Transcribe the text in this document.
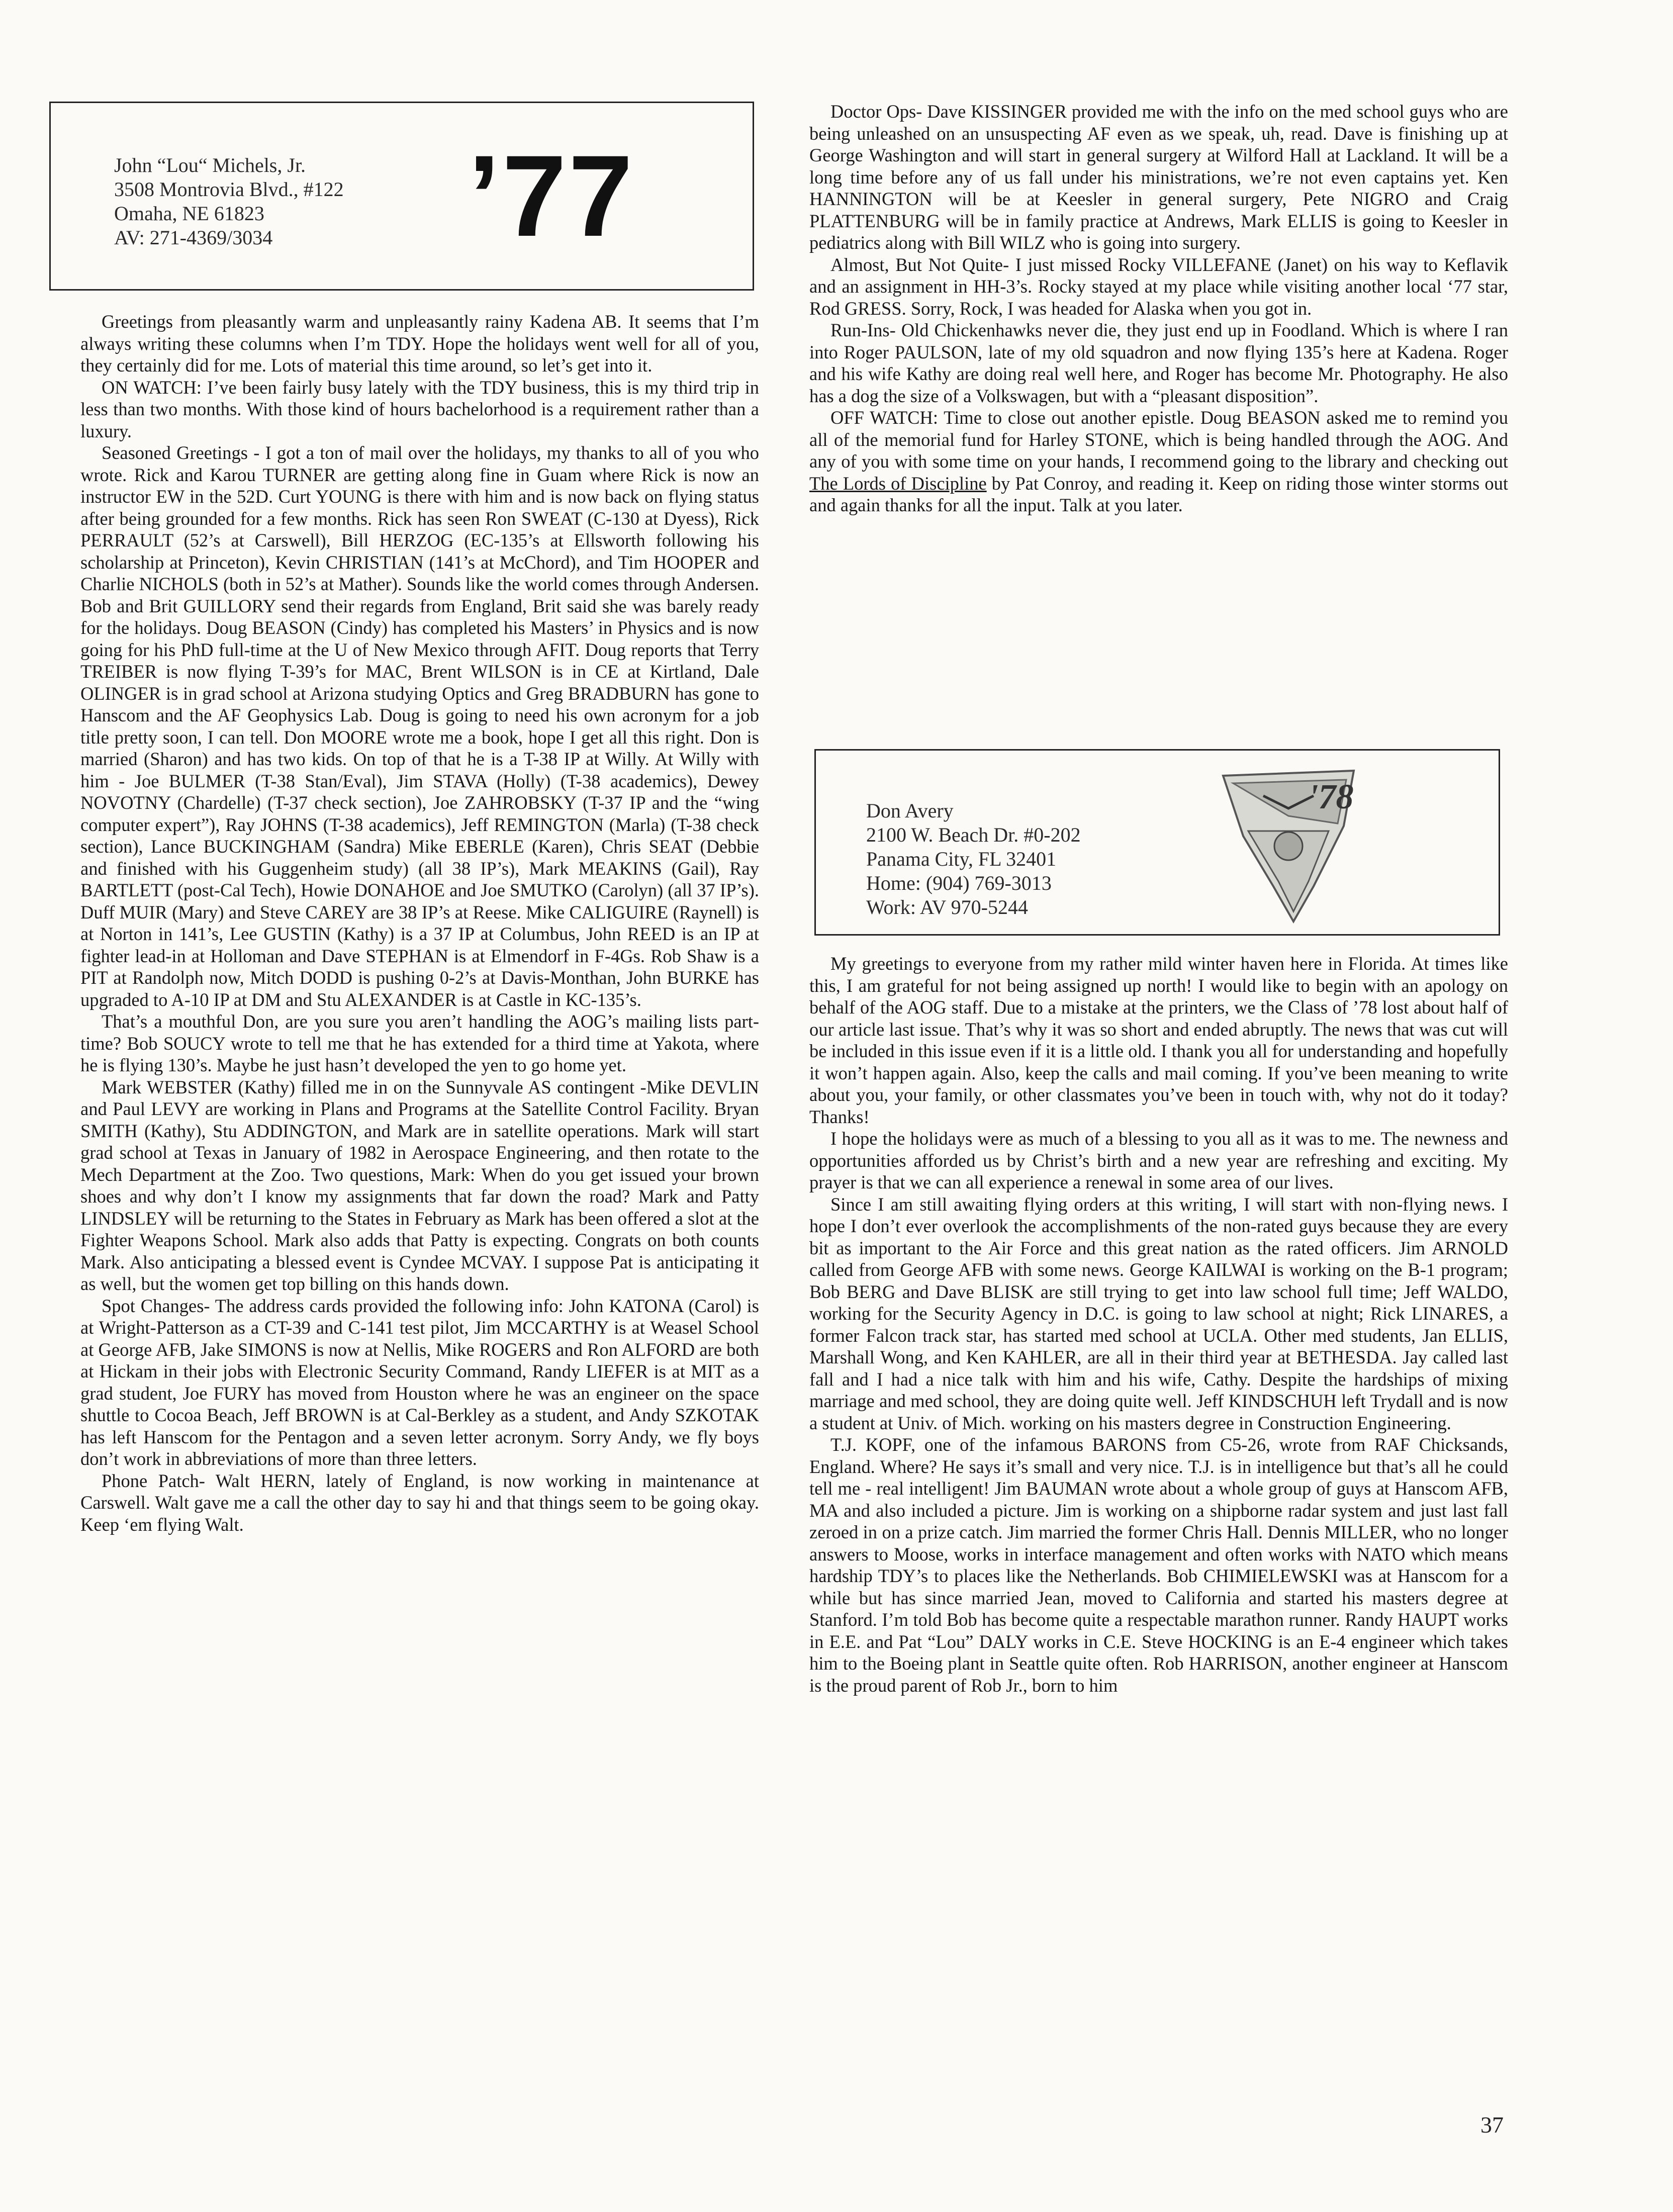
John “Lou“ Michels, Jr.
3508 Montrovia Blvd., #122
Omaha, NE 61823
AV: 271-4369/3034	’77

Greetings from pleasantly warm and unpleasantly rainy Kadena AB. It seems that I’m always writing these columns when I’m TDY. Hope the holidays went well for all of you, they certainly did for me. Lots of material this time around, so let’s get into it.

ON WATCH: I’ve been fairly busy lately with the TDY business, this is my third trip in less than two months. With those kind of hours bachelorhood is a requirement rather than a luxury.

Seasoned Greetings - I got a ton of mail over the holidays, my thanks to all of you who wrote. Rick and Karou TURNER are getting along fine in Guam where Rick is now an instructor EW in the 52D. Curt YOUNG is there with him and is now back on flying status after being grounded for a few months. Rick has seen Ron SWEAT (C-130 at Dyess), Rick PERRAULT (52’s at Carswell), Bill HERZOG (EC-135’s at Ellsworth following his scholarship at Princeton), Kevin CHRISTIAN (141’s at McChord), and Tim HOOPER and Charlie NICHOLS (both in 52’s at Mather). Sounds like the world comes through Andersen. Bob and Brit GUILLORY send their regards from England, Brit said she was barely ready for the holidays. Doug BEASON (Cindy) has completed his Masters’ in Physics and is now going for his PhD full-time at the U of New Mexico through AFIT. Doug reports that Terry TREIBER is now flying T-39’s for MAC, Brent WILSON is in CE at Kirtland, Dale OLINGER is in grad school at Arizona studying Optics and Greg BRADBURN has gone to Hanscom and the AF Geophysics Lab. Doug is going to need his own acronym for a job title pretty soon, I can tell. Don MOORE wrote me a book, hope I get all this right. Don is married (Sharon) and has two kids. On top of that he is a T-38 IP at Willy. At Willy with him - Joe BULMER (T-38 Stan/Eval), Jim STAVA (Holly) (T-38 academics), Dewey NOVOTNY (Chardelle) (T-37 check section), Joe ZAHROBSKY (T-37 IP and the “wing computer expert”), Ray JOHNS (T-38 academics), Jeff REMINGTON (Marla) (T-38 check section), Lance BUCKINGHAM (Sandra) Mike EBERLE (Karen), Chris SEAT (Debbie and finished with his Guggenheim study) (all 38 IP’s), Mark MEAKINS (Gail), Ray BARTLETT (post-Cal Tech), Howie DONAHOE and Joe SMUTKO (Carolyn) (all 37 IP’s). Duff MUIR (Mary) and Steve CAREY are 38 IP’s at Reese. Mike CALIGUIRE (Raynell) is at Norton in 141’s, Lee GUSTIN (Kathy) is a 37 IP at Columbus, John REED is an IP at fighter lead-in at Holloman and Dave STEPHAN is at Elmendorf in F-4Gs. Rob Shaw is a PIT at Randolph now, Mitch DODD is pushing 0-2’s at Davis-Monthan, John BURKE has upgraded to A-10 IP at DM and Stu ALEXANDER is at Castle in KC-135’s.

That’s a mouthful Don, are you sure you aren’t handling the AOG’s mailing lists part-time? Bob SOUCY wrote to tell me that he has extended for a third time at Yakota, where he is flying 130’s. Maybe he just hasn’t developed the yen to go home yet.

Mark WEBSTER (Kathy) filled me in on the Sunnyvale AS contingent -Mike DEVLIN and Paul LEVY are working in Plans and Programs at the Satellite Control Facility. Bryan SMITH (Kathy), Stu ADDINGTON, and Mark are in satellite operations. Mark will start grad school at Texas in January of 1982 in Aerospace Engineering, and then rotate to the Mech Department at the Zoo. Two questions, Mark: When do you get issued your brown shoes and why don’t I know my assignments that far down the road? Mark and Patty LINDSLEY will be returning to the States in February as Mark has been offered a slot at the Fighter Weapons School. Mark also adds that Patty is expecting. Congrats on both counts Mark. Also anticipating a blessed event is Cyndee MCVAY. I suppose Pat is anticipating it as well, but the women get top billing on this hands down.

Spot Changes- The address cards provided the following info: John KATONA (Carol) is at Wright-Patterson as a CT-39 and C-141 test pilot, Jim MCCARTHY is at Weasel School at George AFB, Jake SIMONS is now at Nellis, Mike ROGERS and Ron ALFORD are both at Hickam in their jobs with Electronic Security Command, Randy LIEFER is at MIT as a grad student, Joe FURY has moved from Houston where he was an engineer on the space shuttle to Cocoa Beach, Jeff BROWN is at Cal-Berkley as a student, and Andy SZKOTAK has left Hanscom for the Pentagon and a seven letter acronym. Sorry Andy, we fly boys don’t work in abbreviations of more than three letters.

Phone Patch- Walt HERN, lately of England, is now working in maintenance at Carswell. Walt gave me a call the other day to say hi and that things seem to be going okay. Keep ‘em flying Walt.

Doctor Ops- Dave KISSINGER provided me with the info on the med school guys who are being unleashed on an unsuspecting AF even as we speak, uh, read. Dave is finishing up at George Washington and will start in general surgery at Wilford Hall at Lackland. It will be a long time before any of us fall under his ministrations, we’re not even captains yet. Ken HANNINGTON will be at Keesler in general surgery, Pete NIGRO and Craig PLATTENBURG will be in family practice at Andrews, Mark ELLIS is going to Keesler in pediatrics along with Bill WILZ who is going into surgery.

Almost, But Not Quite- I just missed Rocky VILLEFANE (Janet) on his way to Keflavik and an assignment in HH-3’s. Rocky stayed at my place while visiting another local ‘77 star, Rod GRESS. Sorry, Rock, I was headed for Alaska when you got in.

Run-Ins- Old Chickenhawks never die, they just end up in Foodland. Which is where I ran into Roger PAULSON, late of my old squadron and now flying 135’s here at Kadena. Roger and his wife Kathy are doing real well here, and Roger has become Mr. Photography. He also has a dog the size of a Volkswagen, but with a “pleasant disposition”.

OFF WATCH: Time to close out another epistle. Doug BEASON asked me to remind you all of the memorial fund for Harley STONE, which is being handled through the AOG. And any of you with some time on your hands, I recommend going to the library and checking out The Lords of Discipline by Pat Conroy, and reading it. Keep on riding those winter storms out and again thanks for all the input. Talk at you later.

Don Avery
2100 W. Beach Dr. #0-202
Panama City, FL 32401
Home: (904) 769-3013
Work: AV 970-5244
'78

My greetings to everyone from my rather mild winter haven here in Florida. At times like this, I am grateful for not being assigned up north! I would like to begin with an apology on behalf of the AOG staff. Due to a mistake at the printers, we the Class of ’78 lost about half of our article last issue. That’s why it was so short and ended abruptly. The news that was cut will be included in this issue even if it is a little old. I thank you all for understanding and hopefully it won’t happen again. Also, keep the calls and mail coming. If you’ve been meaning to write about you, your family, or other classmates you’ve been in touch with, why not do it today? Thanks!

I hope the holidays were as much of a blessing to you all as it was to me. The newness and opportunities afforded us by Christ’s birth and a new year are refreshing and exciting. My prayer is that we can all experience a renewal in some area of our lives.

Since I am still awaiting flying orders at this writing, I will start with non-flying news. I hope I don’t ever overlook the accomplishments of the non-rated guys because they are every bit as important to the Air Force and this great nation as the rated officers. Jim ARNOLD called from George AFB with some news. George KAILWAI is working on the B-1 program; Bob BERG and Dave BLISK are still trying to get into law school full time; Jeff WALDO, working for the Security Agency in D.C. is going to law school at night; Rick LINARES, a former Falcon track star, has started med school at UCLA. Other med students, Jan ELLIS, Marshall Wong, and Ken KAHLER, are all in their third year at BETHESDA. Jay called last fall and I had a nice talk with him and his wife, Cathy. Despite the hardships of mixing marriage and med school, they are doing quite well. Jeff KINDSCHUH left Trydall and is now a student at Univ. of Mich. working on his masters degree in Construction Engineering.

T.J. KOPF, one of the infamous BARONS from C5-26, wrote from RAF Chicksands, England. Where? He says it’s small and very nice. T.J. is in intelligence but that’s all he could tell me - real intelligent! Jim BAUMAN wrote about a whole group of guys at Hanscom AFB, MA and also included a picture. Jim is working on a shipborne radar system and just last fall zeroed in on a prize catch. Jim married the former Chris Hall. Dennis MILLER, who no longer answers to Moose, works in interface management and often works with NATO which means hardship TDY’s to places like the Netherlands. Bob CHIMIELEWSKI was at Hanscom for a while but has since married Jean, moved to California and started his masters degree at Stanford. I’m told Bob has become quite a respectable marathon runner. Randy HAUPT works in E.E. and Pat “Lou” DALY works in C.E. Steve HOCKING is an E-4 engineer which takes him to the Boeing plant in Seattle quite often. Rob HARRISON, another engineer at Hanscom is the proud parent of Rob Jr., born to him

37
